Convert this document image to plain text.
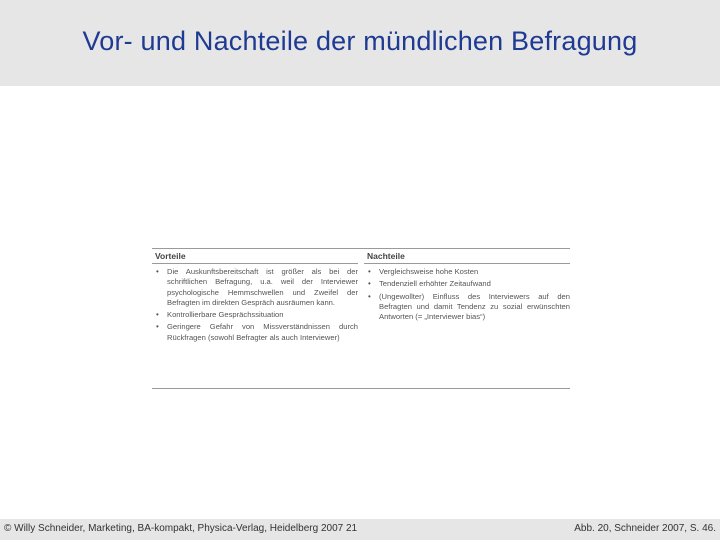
Vor- und Nachteile der mündlichen Befragung
Vorteile
• Die Auskunftsbereitschaft ist größer als bei der schriftlichen Befragung, u.a. weil der Interviewer psychologische Hemmschwellen und Zweifel der Befragten im direkten Gespräch ausräumen kann.
• Kontrollierbare Gesprächssituation
• Geringere Gefahr von Missverständnissen durch Rückfragen (sowohl Befragter als auch Interviewer)
Nachteile
• Vergleichsweise hohe Kosten
• Tendenziell erhöhter Zeitaufwand
• (Ungewollter) Einfluss des Interviewers auf den Befragten und damit Tendenz zu sozial erwünschten Antworten (= „Interviewer bias“)
© Willy Schneider, Marketing, BA-kompakt, Physica-Verlag, Heidelberg 2007 21	Abb. 20, Schneider 2007, S. 46.
